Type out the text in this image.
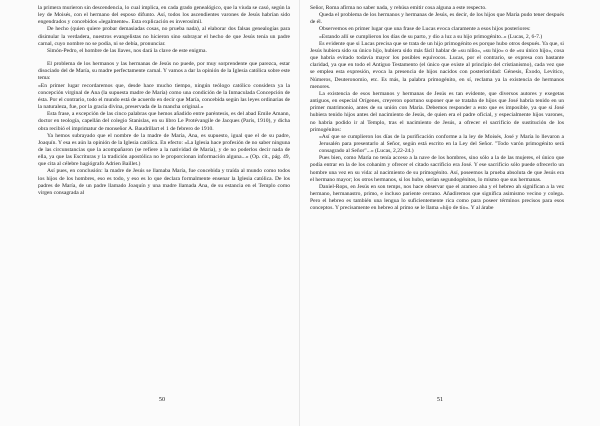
la primera murieron sin descendencia, lo cual implica, en cada grado genealógico, que la viuda se casó, según la ley de Moisés, con el hermano del esposo difunto. Así, todos los ascendientes varones de Jesús habrían sido engendrados y concebidos «legalmente». Esta explicación es inverosímil.

De hecho (quien quiere probar demasiadas cosas, no prueba nada), al elaborar dos falsas genealogías para disimular la verdadera, nuestros evangelistas no hicieron sino subrayar el hecho de que Jesús tenía un padre carnal, cuyo nombre no se podía, ni se debía, pronunciar.

Simón-Pedro, el hombre de las llaves, nos dará la clave de este enigma.

El problema de los hermanos y las hermanas de Jesús no puede, por muy sorprendente que parezca, estar disociado del de María, su madre perfectamente carnal. Y vamos a dar la opinión de la Iglesia católica sobre este tema:

«En primer lugar recordaremos que, desde hace mucho tiempo, ningún teólogo católico considera ya la concepción virginal de Ana (la supuesta madre de María) como una condición de la Inmaculada Concepción de ésta. Por el contrario, todo el mundo está de acuerdo en decir que María, concebida según las leyes ordinarias de la naturaleza, fue, por la gracia divina, preservada de la mancha original.»

Esta frase, a excepción de las cinco palabras que hemos añadido entre paréntesis, es del abad Emile Amann, doctor en teología, capellán del colegio Stanislas, en su libro Le Protévangile de Jacques (París, 1910), y dicha obra recibió el imprimatur de monseñor A. Baudrillart el 1 de febrero de 1910.

Ya hemos subrayado que el nombre de la madre de María, Ana, es supuesto, igual que el de su padre, Joaquín. Y esa es aún la opinión de la Iglesia católica. En efecto: «La Iglesia hace profesión de no saber ninguna de las circunstancias que la acompañaron (se refiere a la natividad de María), y de no poderlos decir nada de ella, ya que las Escrituras y la tradición apostólica no le proporcionan información alguna...» (Op. cit., pág. 49, que cita al célebre hagiógrafo Adrien Baillet.)

Así pues, en conclusión: la madre de Jesús se llamaba María, fue concebida y traída al mundo como todos los hijos de los hombres, eso es todo, y eso es lo que declara formalmente ensenar la Iglesia católica. De los padres de María, de un padre llamado Joaquín y una madre llamada Ana, de su estancia en el Templo como virgen consagrada al

50

Señor, Roma afirma no saber nada, y rehúsa emitir cosa alguna a este respecto.

Queda el problema de los hermanos y hermanas de Jesús, es decir, de los hijos que María pudo tener después de él.

Observemos en primer lugar que una frase de Lucas evoca claramente a esos hijos posteriores:

«Estando allí se cumplieron los días de su parto, y dio a luz a su hijo primogénito..» (Lucas, 2, 6-7.)

Es evidente que si Lucas precisa que se trata de un hijo primogénito es porque hubo otros después. Ya que, si Jesús hubiera sido su único hijo, hubiera sido más fácil hablar de «su niño», «su hijo» o de «su único hijo», cosa que habría evitado todavía mayor los posibles equívocos. Lucas, por el contrario, se expresa con bastante claridad, ya que en todo el Antiguo Testamento (el único que existe al principio del cristianismo), cada vez que se emplea esta expresión, evoca la presencia de hijos nacidos con posterioridad: Génesis, Éxodo, Levítico, Números, Deuteronomio, etc. Es más, la palabra primogénito, en sí, reclama ya la existencia de hermanos menores.

La existencia de esos hermanos y hermanas de Jesús es tan evidente, que diversos autores y exegetas antiguos, en especial Orígenes, creyeron oportuno suponer que se trataba de hijos que José habría tenido en un primer matrimonio, antes de su unión con María. Debemos responder a esto que es imposible, ya que si José hubiera tenido hijos antes del nacimiento de Jesús, de quien era el padre oficial, y especialmente hijos varones, no habría podido ir al Templo, tras el nacimiento de Jesús, a ofrecer el sacrificio de sustitución de los primogénitos:

«Así que se cumplieron los días de la purificación conforme a la ley de Moisés, José y María lo llevaron a Jerusalén para presentarlo al Señor, según está escrito en la Ley del Señor. "Todo varón primogénito será consagrado al Señor"...» (Lucas, 2,22-24.)

Pues bien, como María no tenía acceso a la nave de los hombres, sino sólo a la de las mujeres, el único que podía entrar en la de los cohanim y ofrecer el citado sacrificio era José. Y ese sacrificio sólo puede ofrecerlo un hombre una vez en su vida: al nacimiento de su primogénito. Así, poseemos la prueba absoluta de que Jesús era el hermano mayor; los otros hermanos, si los hubo, serían segundogénitos, lo mismo que sus hermanas.

Daniel-Rops, en Jesús en son temps, nos hace observar que el arameo aha y el hebreo ah significan a la vez hermano, hermanastro, primo, e incluso pariente cercano. Añadiremos que significa asimismo vecino y colega. Pero el hebreo es también una lengua lo suficientemente rica como para poseer términos precisos para esos conceptos. Y precisamente en hebreo al primo se le llama «hijo de tío». Y al árabe

51
